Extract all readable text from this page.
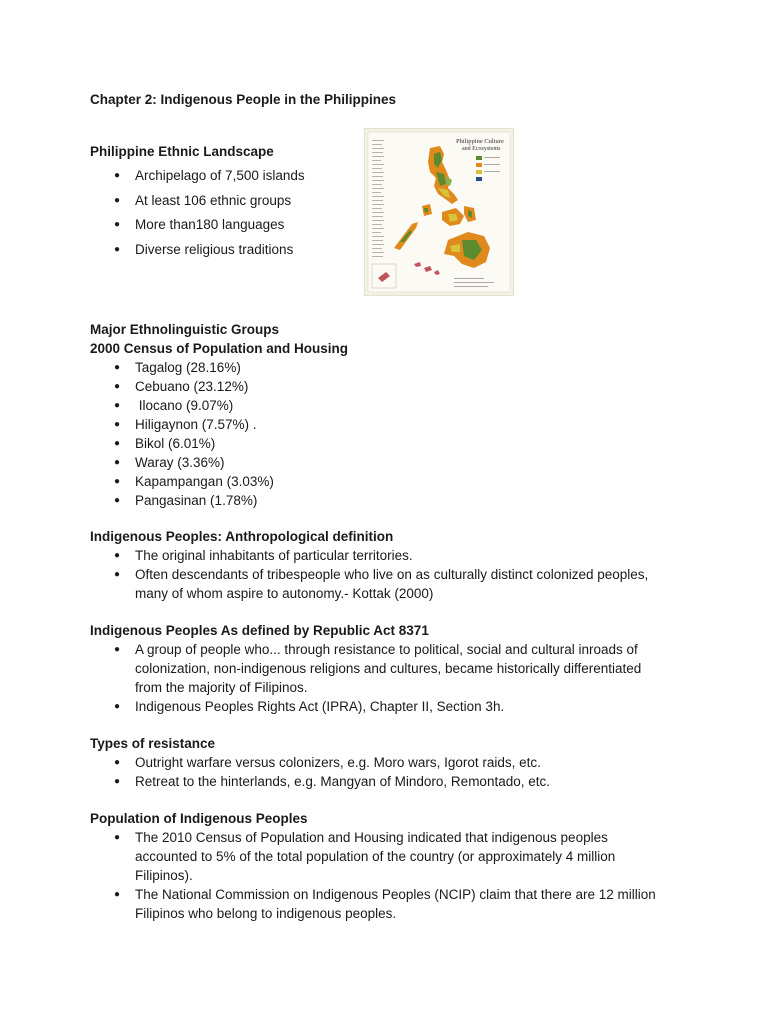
Chapter 2: Indigenous People in the Philippines
Philippine Ethnic Landscape
● Archipelago of 7,500 islands
● At least 106 ethnic groups
● More than180 languages
● Diverse religious traditions
Philippine Culture
and Ecosystems
Major Ethnolinguistic Groups
2000 Census of Population and Housing
● Tagalog (28.16%)
● Cebuano (23.12%)
● Ilocano (9.07%)
● Hiligaynon (7.57%) .
● Bikol (6.01%)
● Waray (3.36%)
● Kapampangan (3.03%)
● Pangasinan (1.78%)
Indigenous Peoples: Anthropological definition
● The original inhabitants of particular territories.
● Often descendants of tribespeople who live on as culturally distinct colonized peoples, many of whom aspire to autonomy.- Kottak (2000)
Indigenous Peoples As defined by Republic Act 8371
● A group of people who... through resistance to political, social and cultural inroads of colonization, non-indigenous religions and cultures, became historically differentiated from the majority of Filipinos.
● Indigenous Peoples Rights Act (IPRA), Chapter II, Section 3h.
Types of resistance
● Outright warfare versus colonizers, e.g. Moro wars, Igorot raids, etc.
● Retreat to the hinterlands, e.g. Mangyan of Mindoro, Remontado, etc.
Population of Indigenous Peoples
● The 2010 Census of Population and Housing indicated that indigenous peoples accounted to 5% of the total population of the country (or approximately 4 million Filipinos).
● The National Commission on Indigenous Peoples (NCIP) claim that there are 12 million Filipinos who belong to indigenous peoples.
